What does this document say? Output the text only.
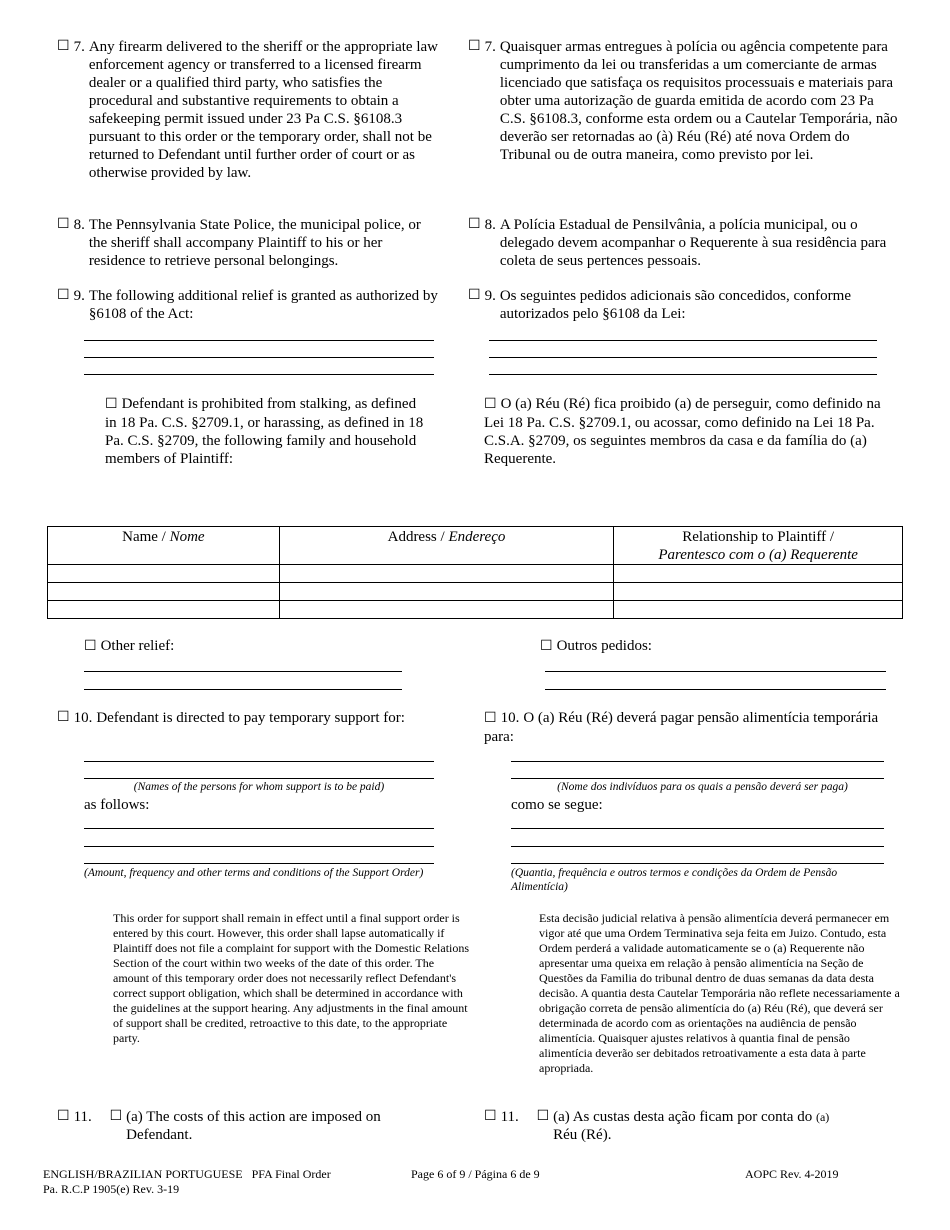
☐ 7. Any firearm delivered to the sheriff or the appropriate law enforcement agency or transferred to a licensed firearm dealer or a qualified third party, who satisfies the procedural and substantive requirements to obtain a safekeeping permit issued under 23 Pa C.S. §6108.3 pursuant to this order or the temporary order, shall not be returned to Defendant until further order of court or as otherwise provided by law.
☐ 8. The Pennsylvania State Police, the municipal police, or the sheriff shall accompany Plaintiff to his or her residence to retrieve personal belongings.
☐ 9. The following additional relief is granted as authorized by §6108 of the Act:
☐ Defendant is prohibited from stalking, as defined in 18 Pa. C.S. §2709.1, or harassing, as defined in 18 Pa. C.S. §2709, the following family and household members of Plaintiff:
☐ 7. Quaisquer armas entregues à polícia ou agência competente para cumprimento da lei ou transferidas a um comerciante de armas licenciado que satisfaça os requisitos processuais e materiais para obter uma autorização de guarda emitida de acordo com 23 Pa C.S. §6108.3, conforme esta ordem ou a Cautelar Temporária, não deverão ser retornadas ao (à) Réu (Ré) até nova Ordem do Tribunal ou de outra maneira, como previsto por lei.
☐ 8. A Polícia Estadual de Pensilvânia, a polícia municipal, ou o delegado devem acompanhar o Requerente à sua residência para coleta de seus pertences pessoais.
☐ 9. Os seguintes pedidos adicionais são concedidos, conforme autorizados pelo §6108 da Lei:
☐ O (a) Réu (Ré) fica proibido (a) de perseguir, como definido na Lei 18 Pa. C.S. §2709.1, ou acossar, como definido na Lei 18 Pa. C.S.A. §2709, os seguintes membros da casa e da família do (a) Requerente.
Name / Nome	Address / Endereço	Relationship to Plaintiff /
Parentesco com o (a) Requerente

☐ Other relief:	☐ Outros pedidos:
☐ 10. Defendant is directed to pay temporary support for:
(Names of the persons for whom support is to be paid)
as follows:
(Amount, frequency and other terms and conditions of the Support Order)
This order for support shall remain in effect until a final support order is entered by this court. However, this order shall lapse automatically if Plaintiff does not file a complaint for support with the Domestic Relations Section of the court within two weeks of the date of this order. The amount of this temporary order does not necessarily reflect Defendant's correct support obligation, which shall be determined in accordance with the guidelines at the support hearing. Any adjustments in the final amount of support shall be credited, retroactive to this date, to the appropriate party.
☐ 10. O (a) Réu (Ré) deverá pagar pensão alimentícia temporária para:
(Nome dos indivíduos para os quais a pensão deverá ser paga)
como se segue:
(Quantia, frequência e outros termos e condições da Ordem de Pensão Alimentícia)
Esta decisão judicial relativa à pensão alimentícia deverá permanecer em vigor até que uma Ordem Terminativa seja feita em Juizo. Contudo, esta Ordem perderá a validade automaticamente se o (a) Requerente não apresentar uma queixa em relação à pensão alimentícia na Seção de Questões da Familia do tribunal dentro de duas semanas da data desta decisão. A quantia desta Cautelar Temporária não reflete necessariamente a obrigação correta de pensão alimentícia do (a) Réu (Ré), que deverá ser determinada de acordo com as orientações na audiência de pensão alimentícia. Quaisquer ajustes relativos à quantia final de pensão alimentícia deverão ser debitados retroativamente a esta data à parte apropriada.
☐ 11.	☐ (a) The costs of this action are imposed on Defendant.
☐ 11.	☐ (a) As custas desta ação ficam por conta do (a)
Réu (Ré).
ENGLISH/BRAZILIAN PORTUGUESE PFA Final Order
Pa. R.C.P 1905(e) Rev. 3-19
Page 6 of 9 / Página 6 de 9	AOPC Rev. 4-2019
